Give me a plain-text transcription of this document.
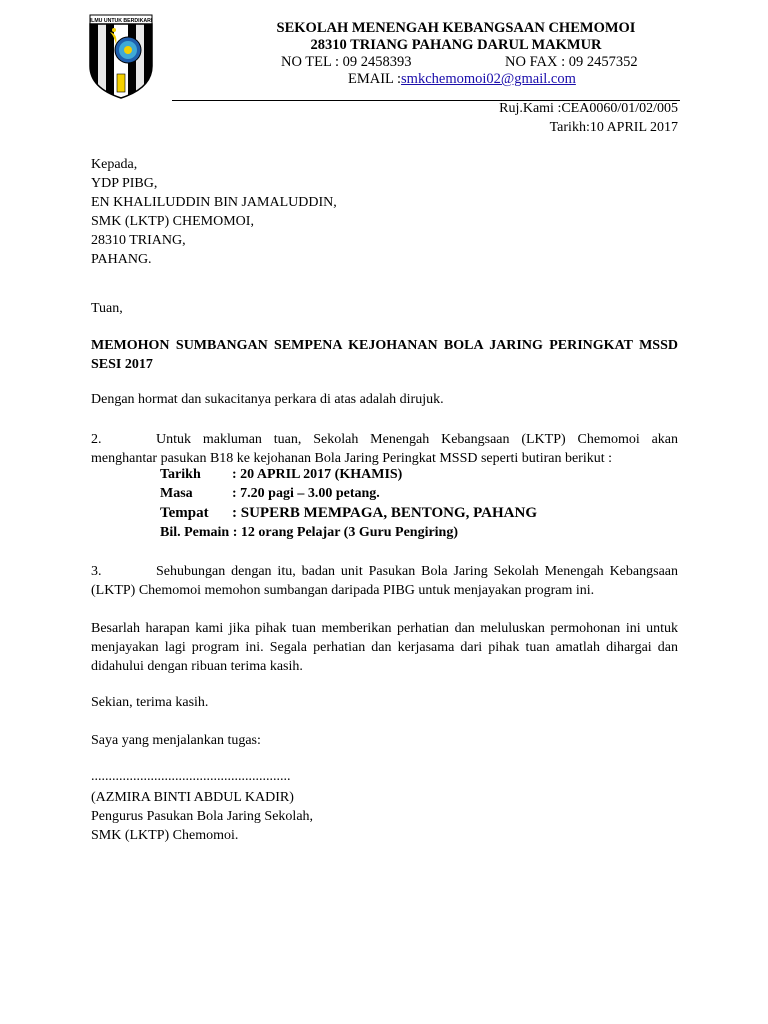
ILMU UNTUK BERDIKARI	SEKOLAH MENENGAH KEBANGSAAN CHEMOMOI
28310 TRIANG PAHANG DARUL MAKMUR
NO TEL : 09 2458393	NO FAX : 09 2457352
EMAIL :smkchemomoi02@gmail.com
Ruj.Kami :CEA0060/01/02/005
Tarikh:10 APRIL 2017
Kepada,
YDP PIBG,
EN KHALILUDDIN BIN JAMALUDDIN,
SMK (LKTP) CHEMOMOI,
28310 TRIANG,
PAHANG.
Tuan,
MEMOHON SUMBANGAN SEMPENA KEJOHANAN BOLA JARING PERINGKAT MSSD SESI 2017
Dengan hormat dan sukacitanya perkara di atas adalah dirujuk.
2.	Untuk makluman tuan, Sekolah Menengah Kebangsaan (LKTP) Chemomoi akan menghantar pasukan B18 ke kejohanan Bola Jaring Peringkat MSSD seperti butiran berikut :
Tarikh : 20 APRIL 2017 (KHAMIS)
Masa	: 7.20 pagi – 3.00 petang.
Tempat : SUPERB MEMPAGA, BENTONG, PAHANG
Bil. Pemain : 12 orang Pelajar (3 Guru Pengiring)
3.	Sehubungan dengan itu, badan unit Pasukan Bola Jaring Sekolah Menengah Kebangsaan (LKTP) Chemomoi memohon sumbangan daripada PIBG untuk menjayakan program ini.
Besarlah harapan kami jika pihak tuan memberikan perhatian dan meluluskan permohonan ini untuk menjayakan lagi program ini. Segala perhatian dan kerjasama dari pihak tuan amatlah dihargai dan didahului dengan ribuan terima kasih.
Sekian, terima kasih.
Saya yang menjalankan tugas:
.........................................................
(AZMIRA BINTI ABDUL KADIR)
Pengurus Pasukan Bola Jaring Sekolah,
SMK (LKTP) Chemomoi.
